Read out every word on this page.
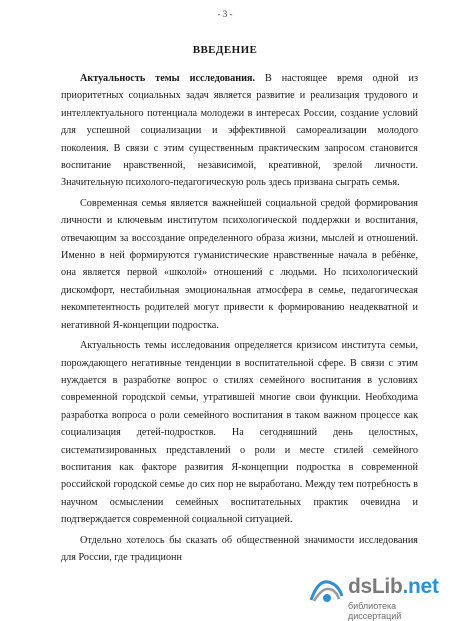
- 3 -
ВВЕДЕНИЕ

Актуальность темы исследования. В настоящее время одной из приоритетных социальных задач является развитие и реализация трудового и интеллектуального потенциала молодежи в интересах России, создание условий для успешной социализации и эффективной самореализации молодого поколения. В связи с этим существенным практическим запросом становится воспитание нравственной, независимой, креативной, зрелой личности. Значительную психолого-педагогическую роль здесь призвана сыграть семья.

Современная семья является важнейшей социальной средой формирования личности и ключевым институтом психологической поддержки и воспитания, отвечающим за воссоздание определенного образа жизни, мыслей и отношений. Именно в ней формируются гуманистические нравственные начала в ребёнке, она является первой «школой» отношений с людьми. Но психологический дискомфорт, нестабильная эмоциональная атмосфера в семье, педагогическая некомпетентность родителей могут привести к формированию неадекватной и негативной Я-концепции подростка.

Актуальность темы исследования определяется кризисом института семьи, порождающего негативные тенденции в воспитательной сфере. В связи с этим нуждается в разработке вопрос о стилях семейного воспитания в условиях современной городской семьи, утратившей многие свои функции. Необходима разработка вопроса о роли семейного воспитания в таком важном процессе как социализация детей-подростков. На сегодняшний день целостных, систематизированных представлений о роли и месте стилей семейного воспитания как факторе развития Я-концепции подростка в современной российской городской семье до сих пор не выработано. Между тем потребность в научном осмыслении семейных воспитательных практик очевидна и подтверждается современной социальной ситуацией.

Отдельно хотелось бы сказать об общественной значимости исследования для России, где традиционн

dsLib.net
библиотека диссертаций
